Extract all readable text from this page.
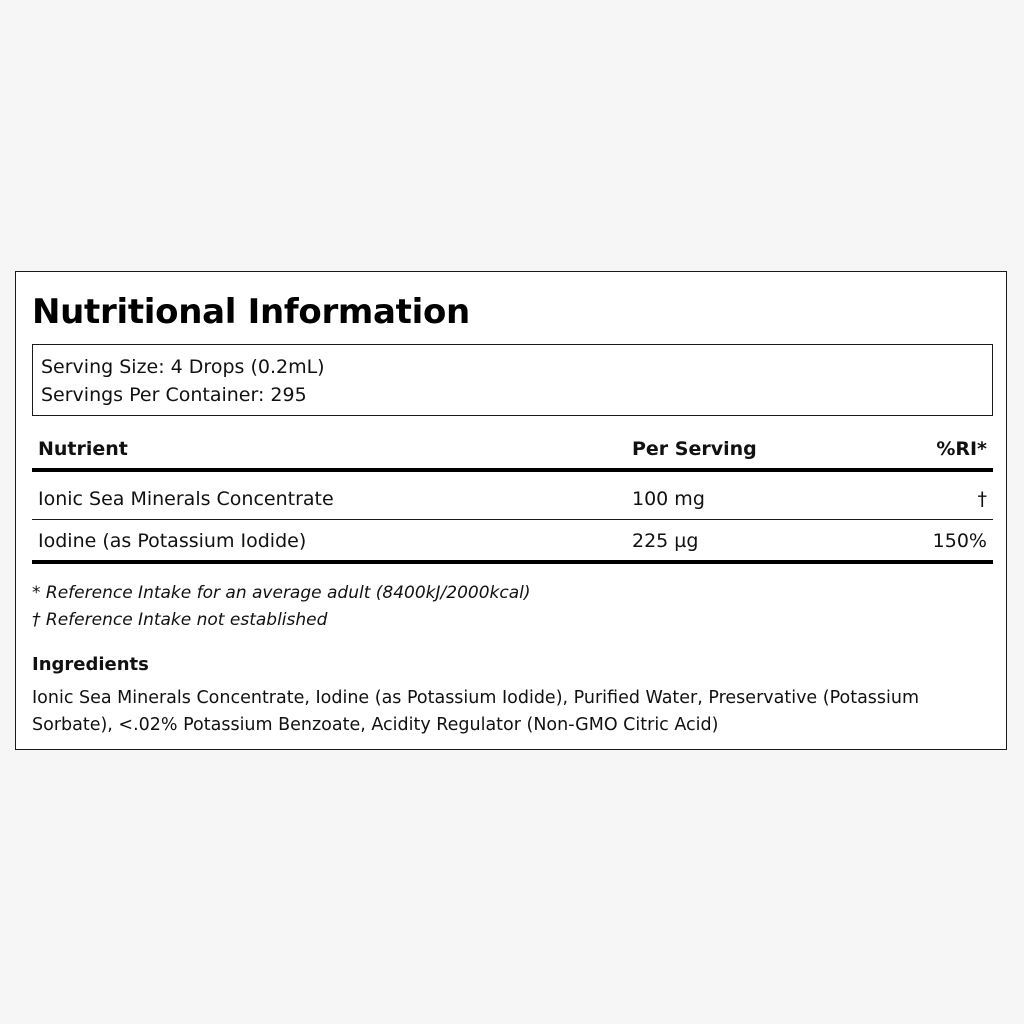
Nutritional Information
Serving Size: 4 Drops (0.2mL)
Servings Per Container: 295
Nutrient	Per Serving	%RI*
Ionic Sea Minerals Concentrate	100 mg	†
Iodine (as Potassium Iodide)	225 µg	150%
* Reference Intake for an average adult (8400kJ/2000kcal)
† Reference Intake not established
Ingredients

Ionic Sea Minerals Concentrate, Iodine (as Potassium Iodide), Purified Water, Preservative (Potassium Sorbate), <.02% Potassium Benzoate, Acidity Regulator (Non-GMO Citric Acid)
